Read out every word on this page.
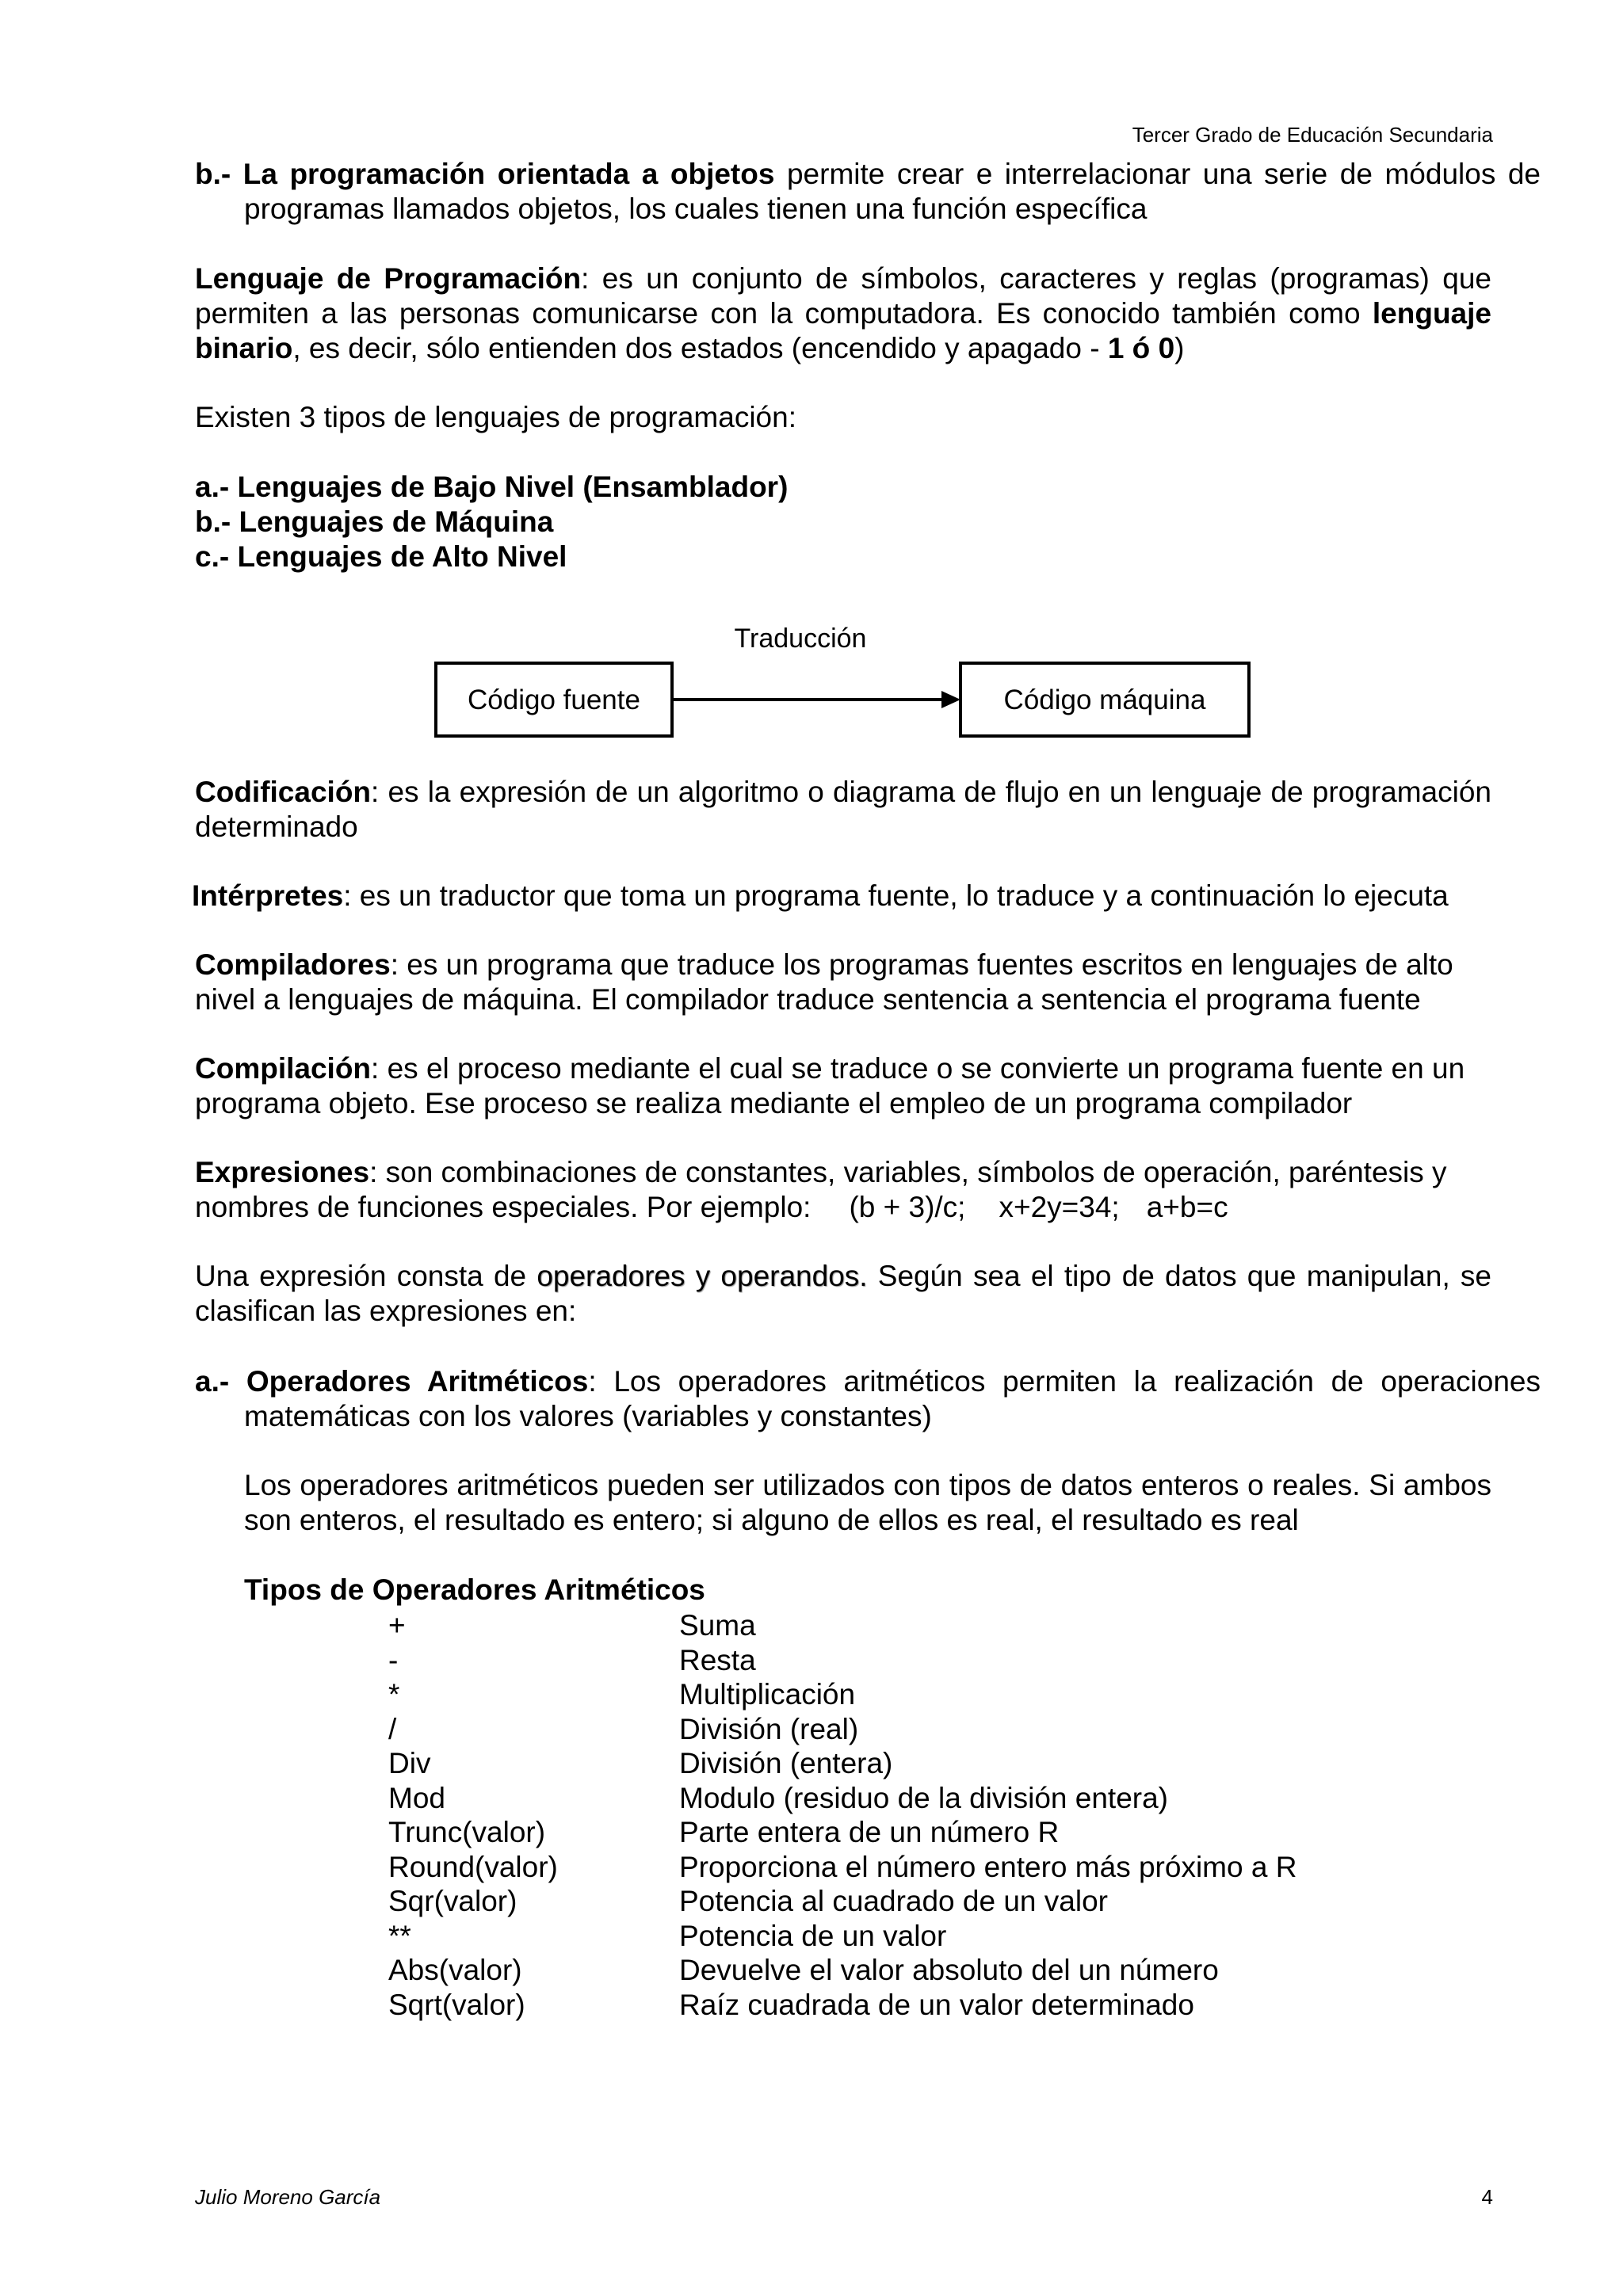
Tercer Grado de Educación Secundaria
b.- La programación orientada a objetos permite crear e interrelacionar una serie de módulos de programas llamados objetos, los cuales tienen una función específica
Lenguaje de Programación: es un conjunto de símbolos, caracteres y reglas (programas) que permiten a las personas comunicarse con la computadora. Es conocido también como lenguaje binario, es decir, sólo entienden dos estados (encendido y apagado - 1 ó 0)
Existen 3 tipos de lenguajes de programación:
a.- Lenguajes de Bajo Nivel (Ensamblador)
b.- Lenguajes de Máquina
c.- Lenguajes de Alto Nivel
Traducción
Código fuente	Código máquina
Codificación: es la expresión de un algoritmo o diagrama de flujo en un lenguaje de programación determinado
Intérpretes: es un traductor que toma un programa fuente, lo traduce y a continuación lo ejecuta
Compiladores: es un programa que traduce los programas fuentes escritos en lenguajes de alto nivel a lenguajes de máquina. El compilador traduce sentencia a sentencia el programa fuente
Compilación: es el proceso mediante el cual se traduce o se convierte un programa fuente en un programa objeto. Ese proceso se realiza mediante el empleo de un programa compilador
Expresiones: son combinaciones de constantes, variables, símbolos de operación, paréntesis y nombres de funciones especiales. Por ejemplo: (b + 3)/c; x+2y=34; a+b=c
Una expresión consta de operadores y operandos. Según sea el tipo de datos que manipulan, se clasifican las expresiones en:
a.- Operadores Aritméticos: Los operadores aritméticos permiten la realización de operaciones matemáticas con los valores (variables y constantes)
Los operadores aritméticos pueden ser utilizados con tipos de datos enteros o reales. Si ambos son enteros, el resultado es entero; si alguno de ellos es real, el resultado es real
Tipos de Operadores Aritméticos
+	Suma
-	Resta
*	Multiplicación
/	División (real)
Div	División (entera)
Mod	Modulo (residuo de la división entera)
Trunc(valor)	Parte entera de un número R
Round(valor)	Proporciona el número entero más próximo a R
Sqr(valor)	Potencia al cuadrado de un valor
**	Potencia de un valor
Abs(valor)	Devuelve el valor absoluto del un número
Sqrt(valor)	Raíz cuadrada de un valor determinado
Julio Moreno García	4
